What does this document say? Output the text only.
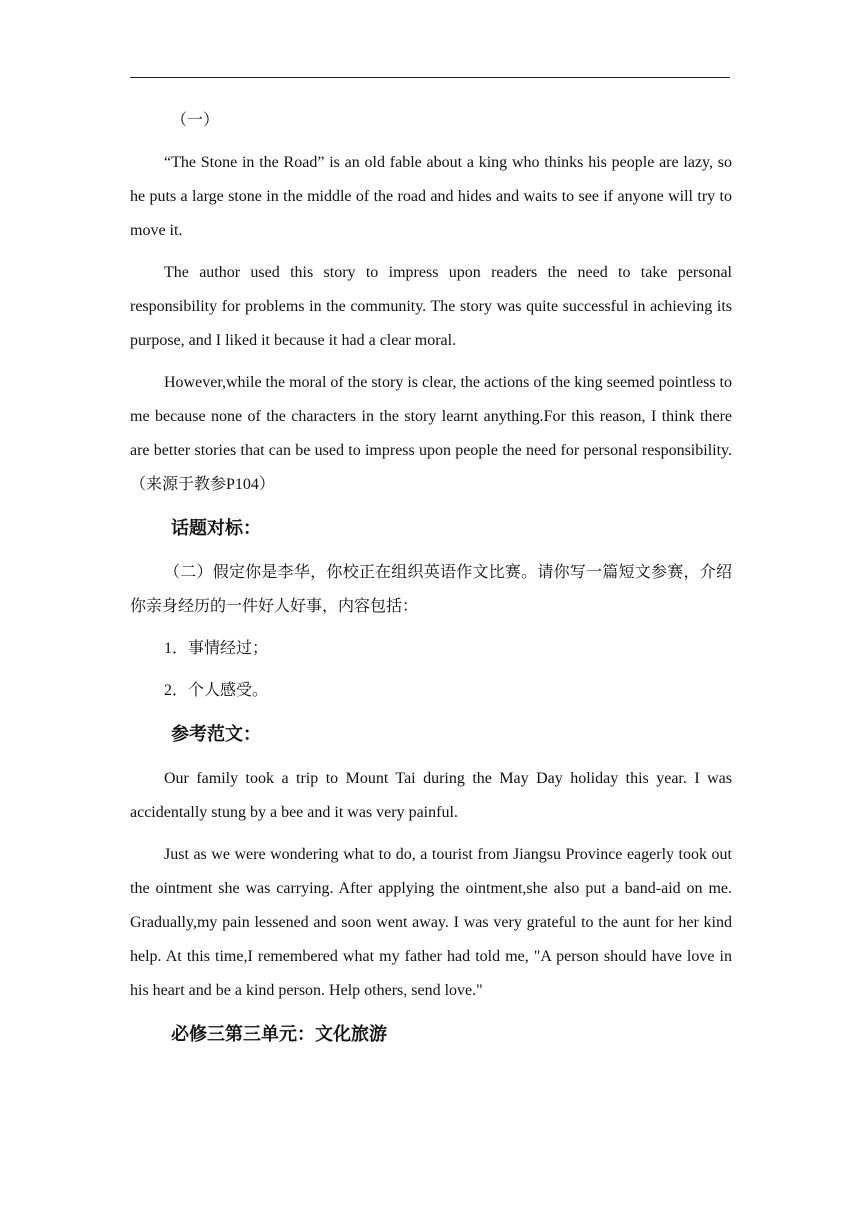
（一）

“The Stone in the Road” is an old fable about a king who thinks his people are lazy, so he puts a large stone in the middle of the road and hides and waits to see if anyone will try to move it.

The author used this story to impress upon readers the need to take personal responsibility for problems in the community. The story was quite successful in achieving its purpose, and I liked it because it had a clear moral.

However,while the moral of the story is clear, the actions of the king seemed pointless to me because none of the characters in the story learnt anything.For this reason, I think there are better stories that can be used to impress upon people the need for personal responsibility.（来源于教参P104）

话题对标：

（二）假定你是李华，你校正在组织英语作文比赛。请你写一篇短文参赛，介绍你亲身经历的一件好人好事，内容包括：

1．事情经过；

2．个人感受。

参考范文：

Our family took a trip to Mount Tai during the May Day holiday this year. I was accidentally stung by a bee and it was very painful.

Just as we were wondering what to do, a tourist from Jiangsu Province eagerly took out the ointment she was carrying. After applying the ointment,she also put a band-aid on me. Gradually,my pain lessened and soon went away. I was very grateful to the aunt for her kind help. At this time,I remembered what my father had told me, "A person should have love in his heart and be a kind person. Help others, send love."

必修三第三单元：文化旅游
